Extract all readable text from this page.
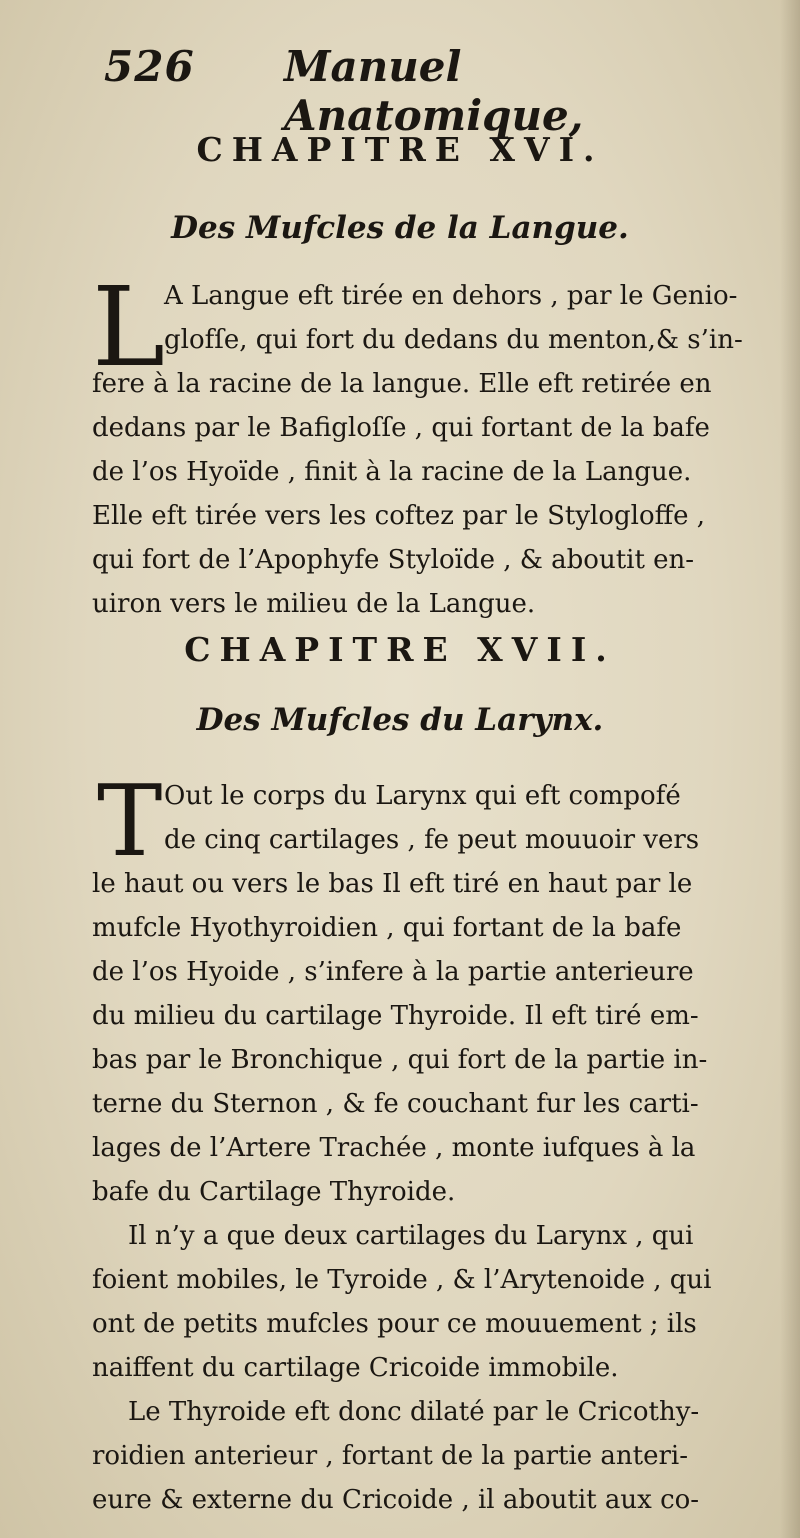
526 Manuel Anatomique,
CHAPITRE XVI.
Des Mufcles de la Langue.
L
A Langue eft tirée en dehors , par le Genio-
glofſe, qui fort du dedans du menton,& s’in-
fere à la racine de la langue. Elle eft retirée en
dedans par le Bafigloſſe , qui fortant de la bafe
de l’os Hyoïde , finit à la racine de la Langue.
Elle eft tirée vers les coftez par le Stylogloffe ,
qui fort de l’Apophyfe Styloïde , & aboutit en-
uiron vers le milieu de la Langue.
CHAPITRE XVII.
Des Mufcles du Larynx.
T Out le corps du Larynx qui eft compofé
de cinq cartilages , fe peut mouuoir vers
le haut ou vers le bas Il eft tiré en haut par le
mufcle Hyothyroidien , qui fortant de la bafe
de l’os Hyoide , s’infere à la partie anterieure
du milieu du cartilage Thyroide. Il eft tiré em-
bas par le Bronchique , qui fort de la partie in-
terne du Sternon , & fe couchant fur les carti-
lages de l’Artere Trachée , monte iufques à la
bafe du Cartilage Thyroide.
Il n’y a que deux cartilages du Larynx , qui
foient mobiles, le Tyroide , & l’Arytenoide , qui
ont de petits mufcles pour ce mouuement ; ils
naiffent du cartilage Cricoide immobile.
Le Thyroide eft donc dilaté par le Cricothy-
roidien anterieur , fortant de la partie anteri-
eure & externe du Cricoide , il aboutit aux co-
